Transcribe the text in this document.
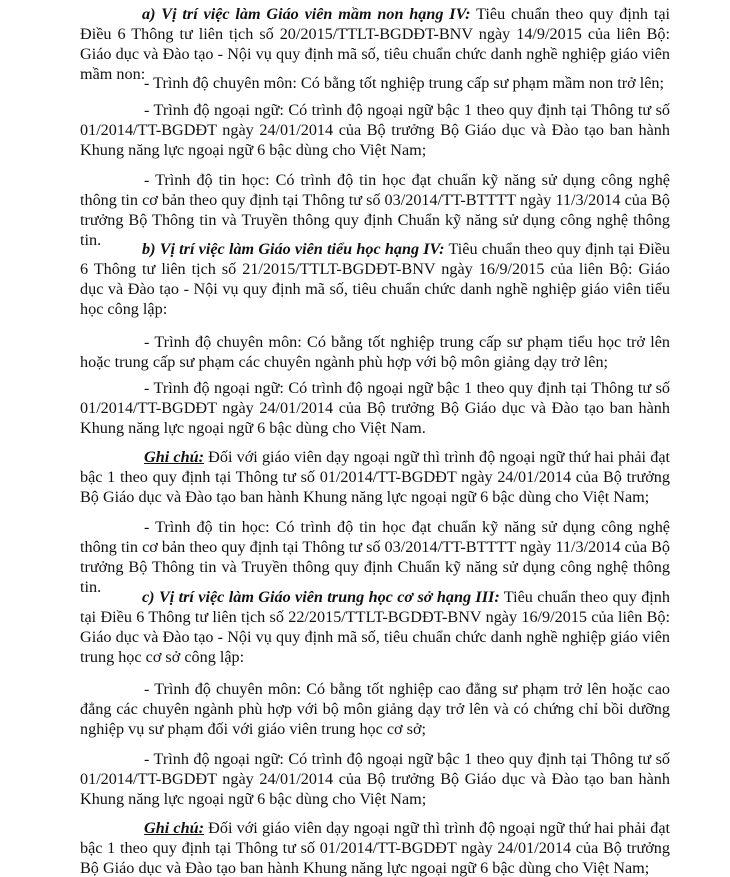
a) Vị trí việc làm Giáo viên mầm non hạng IV: Tiêu chuẩn theo quy định tại Điều 6 Thông tư liên tịch số 20/2015/TTLT-BGDĐT-BNV ngày 14/9/2015 của liên Bộ: Giáo dục và Đào tạo - Nội vụ quy định mã số, tiêu chuẩn chức danh nghề nghiệp giáo viên mầm non:

- Trình độ chuyên môn: Có bằng tốt nghiệp trung cấp sư phạm mầm non trở lên;

- Trình độ ngoại ngữ: Có trình độ ngoại ngữ bậc 1 theo quy định tại Thông tư số 01/2014/TT-BGDĐT ngày 24/01/2014 của Bộ trưởng Bộ Giáo dục và Đào tạo ban hành Khung năng lực ngoại ngữ 6 bậc dùng cho Việt Nam;

- Trình độ tin học: Có trình độ tin học đạt chuẩn kỹ năng sử dụng công nghệ thông tin cơ bản theo quy định tại Thông tư số 03/2014/TT-BTTTT ngày 11/3/2014 của Bộ trưởng Bộ Thông tin và Truyền thông quy định Chuẩn kỹ năng sử dụng công nghệ thông tin.	b) Vị trí việc làm Giáo viên tiểu học hạng IV: Tiêu chuẩn theo quy định tại Điều 6 Thông tư liên tịch số 21/2015/TTLT-BGDĐT-BNV ngày 16/9/2015 của liên Bộ: Giáo dục và Đào tạo - Nội vụ quy định mã số, tiêu chuẩn chức danh nghề nghiệp giáo viên tiểu học công lập:

- Trình độ chuyên môn: Có bằng tốt nghiệp trung cấp sư phạm tiểu học trở lên hoặc trung cấp sư phạm các chuyên ngành phù hợp với bộ môn giảng dạy trở lên;

- Trình độ ngoại ngữ: Có trình độ ngoại ngữ bậc 1 theo quy định tại Thông tư số 01/2014/TT-BGDĐT ngày 24/01/2014 của Bộ trưởng Bộ Giáo dục và Đào tạo ban hành Khung năng lực ngoại ngữ 6 bậc dùng cho Việt Nam.

Ghi chú: Đối với giáo viên dạy ngoại ngữ thì trình độ ngoại ngữ thứ hai phải đạt bậc 1 theo quy định tại Thông tư số 01/2014/TT-BGDĐT ngày 24/01/2014 của Bộ trưởng Bộ Giáo dục và Đào tạo ban hành Khung năng lực ngoại ngữ 6 bậc dùng cho Việt Nam;

- Trình độ tin học: Có trình độ tin học đạt chuẩn kỹ năng sử dụng công nghệ thông tin cơ bản theo quy định tại Thông tư số 03/2014/TT-BTTTT ngày 11/3/2014 của Bộ trưởng Bộ Thông tin và Truyền thông quy định Chuẩn kỹ năng sử dụng công nghệ thông tin.

c) Vị trí việc làm Giáo viên trung học cơ sở hạng III: Tiêu chuẩn theo quy định tại Điều 6 Thông tư liên tịch số 22/2015/TTLT-BGDĐT-BNV ngày 16/9/2015 của liên Bộ: Giáo dục và Đào tạo - Nội vụ quy định mã số, tiêu chuẩn chức danh nghề nghiệp giáo viên trung học cơ sở công lập:

- Trình độ chuyên môn: Có bằng tốt nghiệp cao đẳng sư phạm trở lên hoặc cao đẳng các chuyên ngành phù hợp với bộ môn giảng dạy trở lên và có chứng chỉ bồi dưỡng nghiệp vụ sư phạm đối với giáo viên trung học cơ sở;

- Trình độ ngoại ngữ: Có trình độ ngoại ngữ bậc 1 theo quy định tại Thông tư số 01/2014/TT-BGDĐT ngày 24/01/2014 của Bộ trưởng Bộ Giáo dục và Đào tạo ban hành Khung năng lực ngoại ngữ 6 bậc dùng cho Việt Nam;

Ghi chú: Đối với giáo viên dạy ngoại ngữ thì trình độ ngoại ngữ thứ hai phải đạt bậc 1 theo quy định tại Thông tư số 01/2014/TT-BGDĐT ngày 24/01/2014 của Bộ trưởng Bộ Giáo dục và Đào tạo ban hành Khung năng lực ngoại ngữ 6 bậc dùng cho Việt Nam;
